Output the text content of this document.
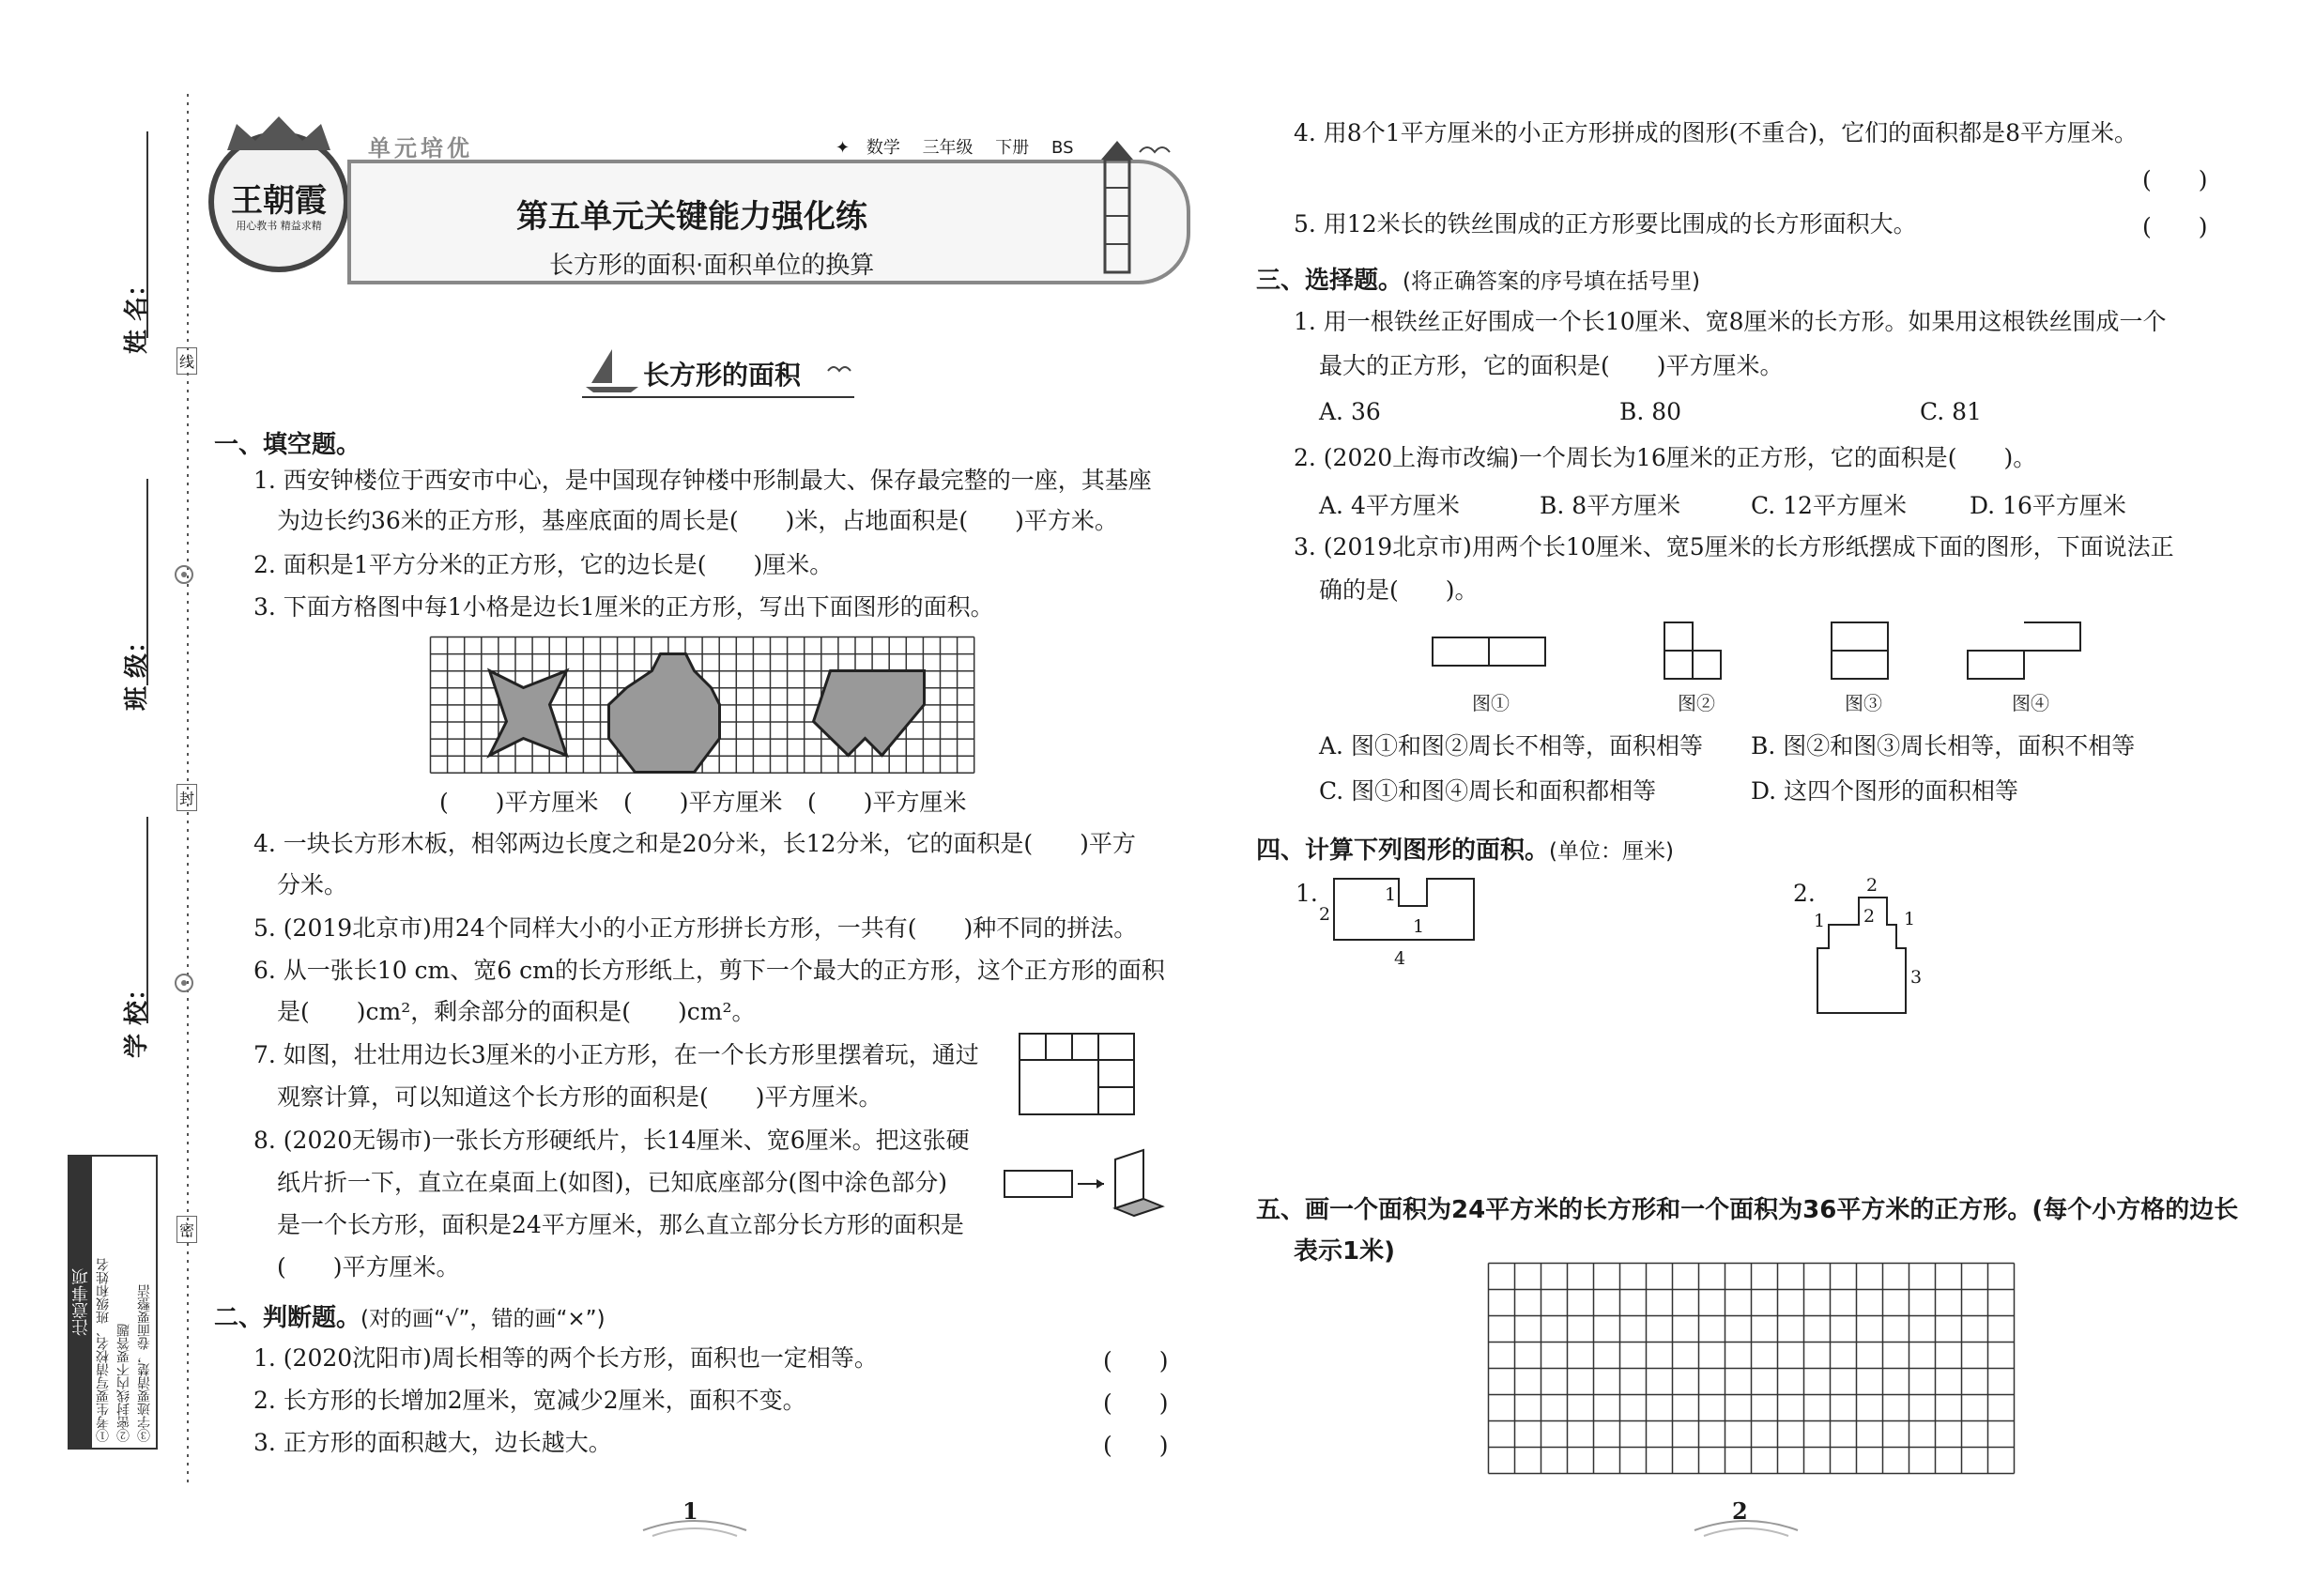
姓 名：
班 级：
学 校：
线
封
密
注意事项 ①考生要写清校名、班级和姓名 ②密封线内不要答题 ③字迹要清楚，卷面要整洁
王朝霞
用心教书 精益求精
单元培优	✦ 数学 三年级 下册 BS
第五单元关键能力强化练
长方形的面积·面积单位的换算
长方形的面积
一、填空题。
1. 西安钟楼位于西安市中心，是中国现存钟楼中形制最大、保存最完整的一座，其基座
为边长约36米的正方形，基座底面的周长是(　　)米，占地面积是(　　)平方米。
2. 面积是1平方分米的正方形，它的边长是(　　)厘米。
3. 下面方格图中每1小格是边长1厘米的正方形，写出下面图形的面积。
(　　)平方厘米 (　　)平方厘米 (　　)平方厘米
4. 一块长方形木板，相邻两边长度之和是20分米，长12分米，它的面积是(　　)平方
分米。
5. (2019北京市)用24个同样大小的小正方形拼长方形，一共有(　　)种不同的拼法。
6. 从一张长10 cm、宽6 cm的长方形纸上，剪下一个最大的正方形，这个正方形的面积
是(　　)cm²，剩余部分的面积是(　　)cm²。
7. 如图，壮壮用边长3厘米的小正方形，在一个长方形里摆着玩，通过
观察计算，可以知道这个长方形的面积是(　　)平方厘米。
8. (2020无锡市)一张长方形硬纸片，长14厘米、宽6厘米。把这张硬
纸片折一下，直立在桌面上(如图)，已知底座部分(图中涂色部分)
是一个长方形，面积是24平方厘米，那么直立部分长方形的面积是
(　　)平方厘米。
二、判断题。(对的画“√”，错的画“×”)
1. (2020沈阳市)周长相等的两个长方形，面积也一定相等。	(　　)
2. 长方形的长增加2厘米，宽减少2厘米，面积不变。	(　　)
3. 正方形的面积越大，边长越大。	(　　)
1
4. 用8个1平方厘米的小正方形拼成的图形(不重合)，它们的面积都是8平方厘米。
(　　)
5. 用12米长的铁丝围成的正方形要比围成的长方形面积大。	(　　)
三、选择题。(将正确答案的序号填在括号里)
1. 用一根铁丝正好围成一个长10厘米、宽8厘米的长方形。如果用这根铁丝围成一个
最大的正方形，它的面积是(　　)平方厘米。
A. 36	B. 80	C. 81
2. (2020上海市改编)一个周长为16厘米的正方形，它的面积是(　　)。
A. 4平方厘米	B. 8平方厘米	C. 12平方厘米	D. 16平方厘米
3. (2019北京市)用两个长10厘米、宽5厘米的长方形纸摆成下面的图形，下面说法正
确的是(　　)。
图①	图②	图③	图④
A. 图①和图②周长不相等，面积相等 B. 图②和图③周长相等，面积不相等
C. 图①和图④周长和面积都相等	D. 这四个图形的面积相等
四、计算下列图形的面积。(单位：厘米)
1.	1
2
1
4
2.	2
1 2 1
3
五、画一个面积为24平方米的长方形和一个面积为36平方米的正方形。(每个小方格的边长
表示1米)
2
